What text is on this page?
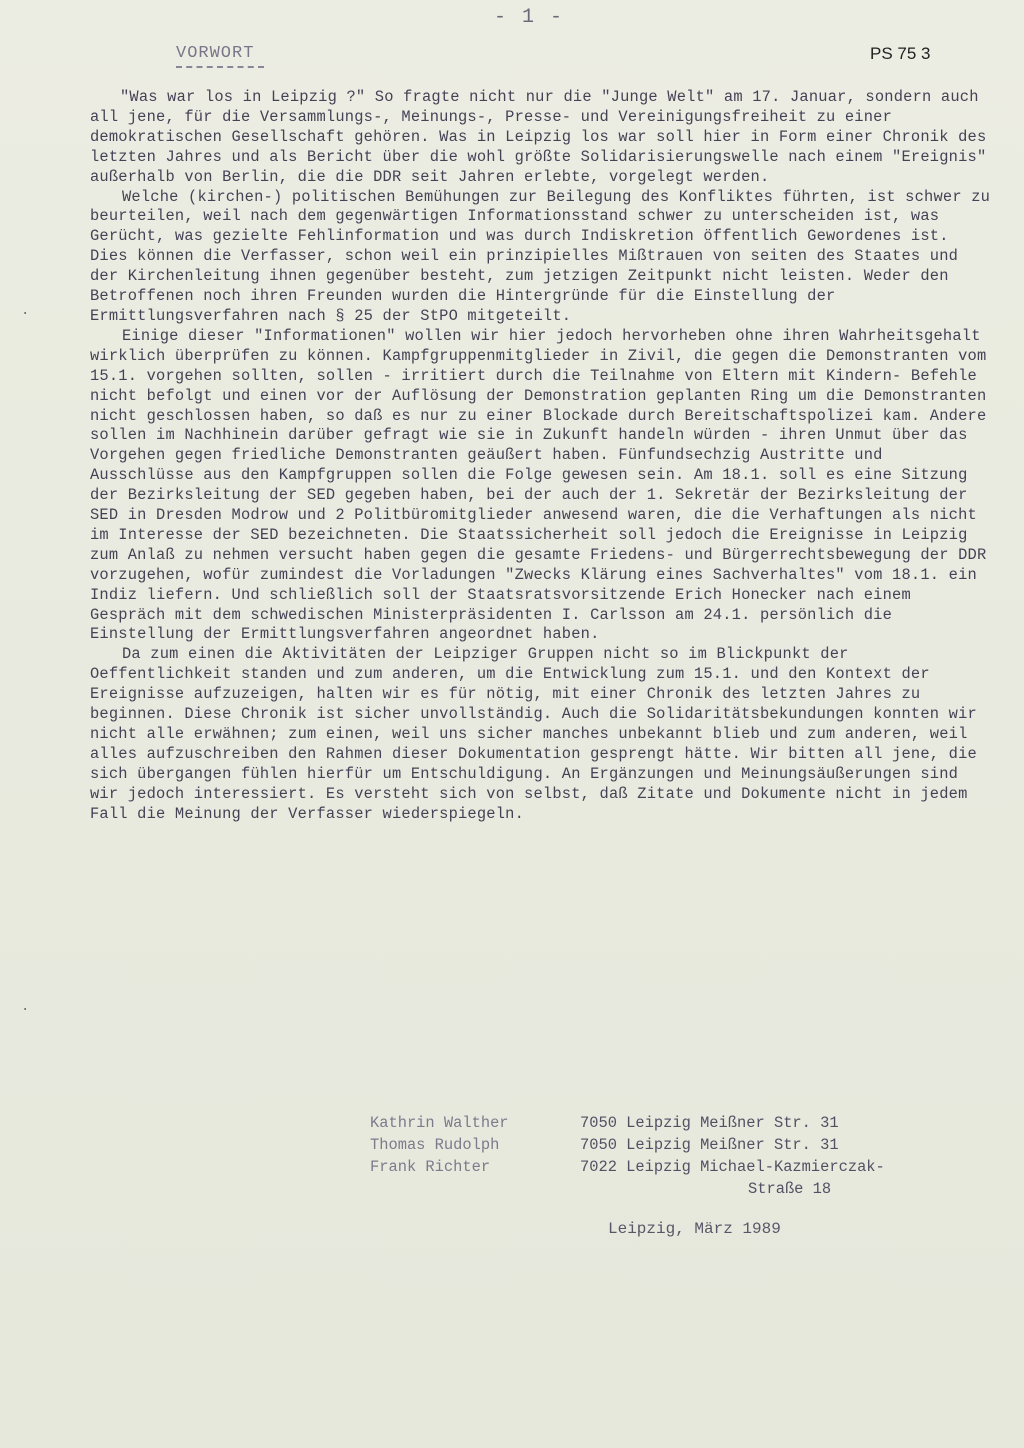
- 1 -
VORWORT	PS 75 3
·
·

"Was war los in Leipzig ?" So fragte nicht nur die "Junge Welt" am 17. Januar, sondern auch all jene, für die Versammlungs-, Meinungs-, Presse- und Vereinigungsfreiheit zu einer demokratischen Gesellschaft gehören. Was in Leipzig los war soll hier in Form einer Chronik des letzten Jahres und als Bericht über die wohl größte Solidarisierungswelle nach einem "Ereignis" außerhalb von Berlin, die die DDR seit Jahren erlebte, vorgelegt werden.

Welche (kirchen-) politischen Bemühungen zur Beilegung des Konfliktes führten, ist schwer zu beurteilen, weil nach dem gegenwärtigen Informationsstand schwer zu unterscheiden ist, was Gerücht, was gezielte Fehlinformation und was durch Indiskretion öffentlich Gewordenes ist. Dies können die Verfasser, schon weil ein prinzipielles Mißtrauen von seiten des Staates und der Kirchenleitung ihnen gegenüber besteht, zum jetzigen Zeitpunkt nicht leisten. Weder den Betroffenen noch ihren Freunden wurden die Hintergründe für die Einstellung der Ermittlungsverfahren nach § 25 der StPO mitgeteilt.

Einige dieser "Informationen" wollen wir hier jedoch hervorheben ohne ihren Wahrheitsgehalt wirklich überprüfen zu können. Kampfgruppenmitglieder in Zivil, die gegen die Demonstranten vom 15.1. vorgehen sollten, sollen - irritiert durch die Teilnahme von Eltern mit Kindern- Befehle nicht befolgt und einen vor der Auflösung der Demonstration geplanten Ring um die Demonstranten nicht geschlossen haben, so daß es nur zu einer Blockade durch Bereitschaftspolizei kam. Andere sollen im Nachhinein darüber gefragt wie sie in Zukunft handeln würden - ihren Unmut über das Vorgehen gegen friedliche Demonstranten geäußert haben. Fünfundsechzig Austritte und Ausschlüsse aus den Kampfgruppen sollen die Folge gewesen sein. Am 18.1. soll es eine Sitzung der Bezirksleitung der SED gegeben haben, bei der auch der 1. Sekretär der Bezirksleitung der SED in Dresden Modrow und 2 Politbüromitglieder anwesend waren, die die Verhaftungen als nicht im Interesse der SED bezeichneten. Die Staatssicherheit soll jedoch die Ereignisse in Leipzig zum Anlaß zu nehmen versucht haben gegen die gesamte Friedens- und Bürgerrechtsbewegung der DDR vorzugehen, wofür zumindest die Vorladungen "Zwecks Klärung eines Sachverhaltes" vom 18.1. ein Indiz liefern. Und schließlich soll der Staatsratsvorsitzende Erich Honecker nach einem Gespräch mit dem schwedischen Ministerpräsidenten I. Carlsson am 24.1. persönlich die Einstellung der Ermittlungsverfahren angeordnet haben.

Da zum einen die Aktivitäten der Leipziger Gruppen nicht so im Blickpunkt der Oeffentlichkeit standen und zum anderen, um die Entwicklung zum 15.1. und den Kontext der Ereignisse aufzuzeigen, halten wir es für nötig, mit einer Chronik des letzten Jahres zu beginnen. Diese Chronik ist sicher unvollständig. Auch die Solidaritätsbekundungen konnten wir nicht alle erwähnen; zum einen, weil uns sicher manches unbekannt blieb und zum anderen, weil alles aufzuschreiben den Rahmen dieser Dokumentation gesprengt hätte. Wir bitten all jene, die sich übergangen fühlen hierfür um Entschuldigung. An Ergänzungen und Meinungsäußerungen sind wir jedoch interessiert. Es versteht sich von selbst, daß Zitate und Dokumente nicht in jedem Fall die Meinung der Verfasser wiederspiegeln.

Kathrin Walther	7050 Leipzig Meißner Str. 31
Thomas Rudolph	7050 Leipzig Meißner Str. 31
Frank Richter	7022 Leipzig Michael-Kazmierczak-
Straße 18
Leipzig, März 1989
